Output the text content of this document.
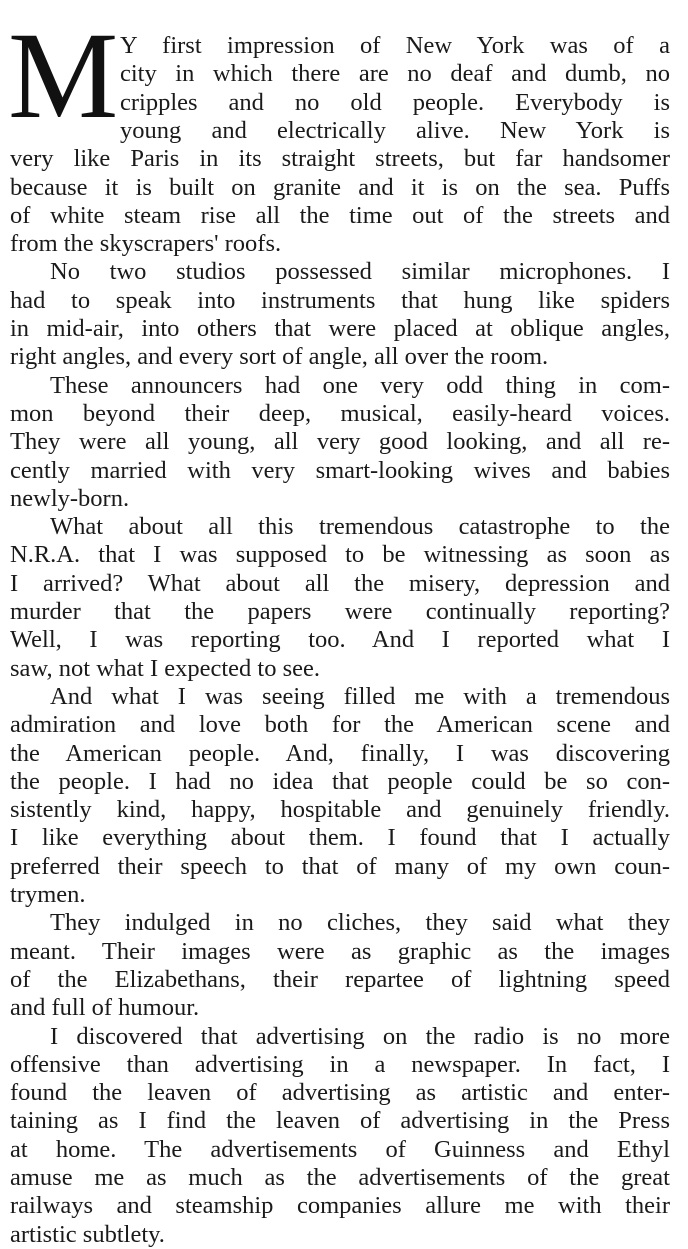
M Y first impression of New York was of a
city in which there are no deaf and dumb, no
cripples and no old people. Everybody is
young and electrically alive. New York is
very like Paris in its straight streets, but far handsomer
because it is built on granite and it is on the sea. Puffs
of white steam rise all the time out of the streets and
from the skyscrapers' roofs.
No two studios possessed similar microphones. I
had to speak into instruments that hung like spiders
in mid-air, into others that were placed at oblique angles,
right angles, and every sort of angle, all over the room.
These announcers had one very odd thing in com-
mon beyond their deep, musical, easily-heard voices.
They were all young, all very good looking, and all re-
cently married with very smart-looking wives and babies
newly-born.
What about all this tremendous catastrophe to the
N.R.A. that I was supposed to be witnessing as soon as
I arrived? What about all the misery, depression and
murder that the papers were continually reporting?
Well, I was reporting too. And I reported what I
saw, not what I expected to see.
And what I was seeing filled me with a tremendous
admiration and love both for the American scene and
the American people. And, finally, I was discovering
the people. I had no idea that people could be so con-
sistently kind, happy, hospitable and genuinely friendly.
I like everything about them. I found that I actually
preferred their speech to that of many of my own coun-
trymen.
They indulged in no cliches, they said what they
meant. Their images were as graphic as the images
of the Elizabethans, their repartee of lightning speed
and full of humour.
I discovered that advertising on the radio is no more
offensive than advertising in a newspaper. In fact, I
found the leaven of advertising as artistic and enter-
taining as I find the leaven of advertising in the Press
at home. The advertisements of Guinness and Ethyl
amuse me as much as the advertisements of the great
railways and steamship companies allure me with their
artistic subtlety.
